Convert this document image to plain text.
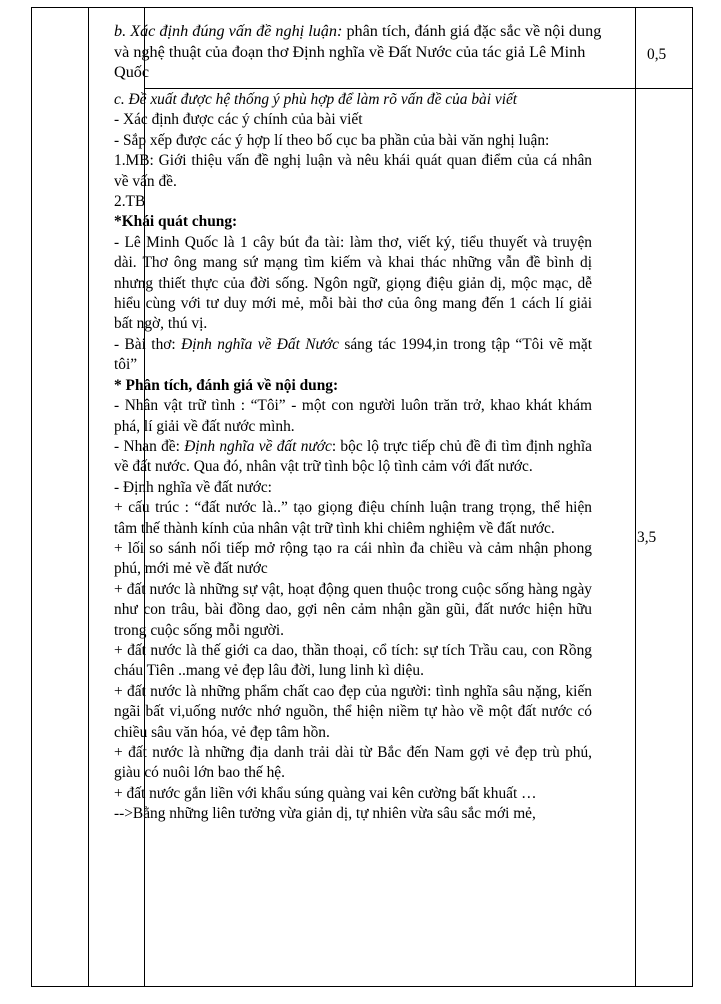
b. Xác định đúng vấn đề nghị luận: phân tích, đánh giá đặc sắc về nội dung và nghệ thuật của đoạn thơ Định nghĩa về Đất Nước của tác giả Lê Minh Quốc
0,5

c. Đề xuất được hệ thống ý phù hợp để làm rõ vấn đề của bài viết

- Xác định được các ý chính của bài viết

- Sắp xếp được các ý hợp lí theo bố cục ba phần của bài văn nghị luận:

1.MB: Giới thiệu vấn đề nghị luận và nêu khái quát quan điểm của cá nhân về vấn đề.

2.TB

*Khái quát chung:

- Lê Minh Quốc là 1 cây bút đa tài: làm thơ, viết ký, tiểu thuyết và truyện dài. Thơ ông mang sứ mạng tìm kiếm và khai thác những vẫn đề bình dị nhưng thiết thực của đời sống. Ngôn ngữ, giọng điệu giản dị, mộc mạc, dễ hiểu cùng với tư duy mới mẻ, mỗi bài thơ của ông mang đến 1 cách lí giải bất ngờ, thú vị.

- Bài thơ: Định nghĩa về Đất Nước sáng tác 1994,in trong tập “Tôi vẽ mặt tôi”

* Phân tích, đánh giá về nội dung:

- Nhân vật trữ tình : “Tôi” - một con người luôn trăn trở, khao khát khám phá, lí giải về đất nước mình.

- Nhan đề: Định nghĩa về đất nước: bộc lộ trực tiếp chủ đề đi tìm định nghĩa về đất nước. Qua đó, nhân vật trữ tình bộc lộ tình cảm với đất nước.

- Định nghĩa về đất nước:

+ cấu trúc : “đất nước là..” tạo giọng điệu chính luận trang trọng, thể hiện tâm thế thành kính của nhân vật trữ tình khi chiêm nghiệm về đất nước.

+ lối so sánh nối tiếp mở rộng tạo ra cái nhìn đa chiều và cảm nhận phong phú, mới mẻ về đất nước

+ đất nước là những sự vật, hoạt động quen thuộc trong cuộc sống hàng ngày như con trâu, bài đồng dao, gợi nên cảm nhận gần gũi, đất nước hiện hữu trong cuộc sống mỗi người.

+ đất nước là thế giới ca dao, thần thoại, cổ tích: sự tích Trầu cau, con Rồng cháu Tiên ..mang vẻ đẹp lâu đời, lung linh kì diệu.

+ đất nước là những phẩm chất cao đẹp của người: tình nghĩa sâu nặng, kiến ngãi bất vi,uống nước nhớ nguồn, thể hiện niềm tự hào về một đất nước có chiều sâu văn hóa, vẻ đẹp tâm hồn.

+ đất nước là những địa danh trải dài từ Bắc đến Nam gợi vẻ đẹp trù phú, giàu có nuôi lớn bao thế hệ.

+ đất nước gắn liền với khẩu súng quàng vai kên cường bất khuất …

-->Bằng những liên tưởng vừa giản dị, tự nhiên vừa sâu sắc mới mẻ,

3,5
